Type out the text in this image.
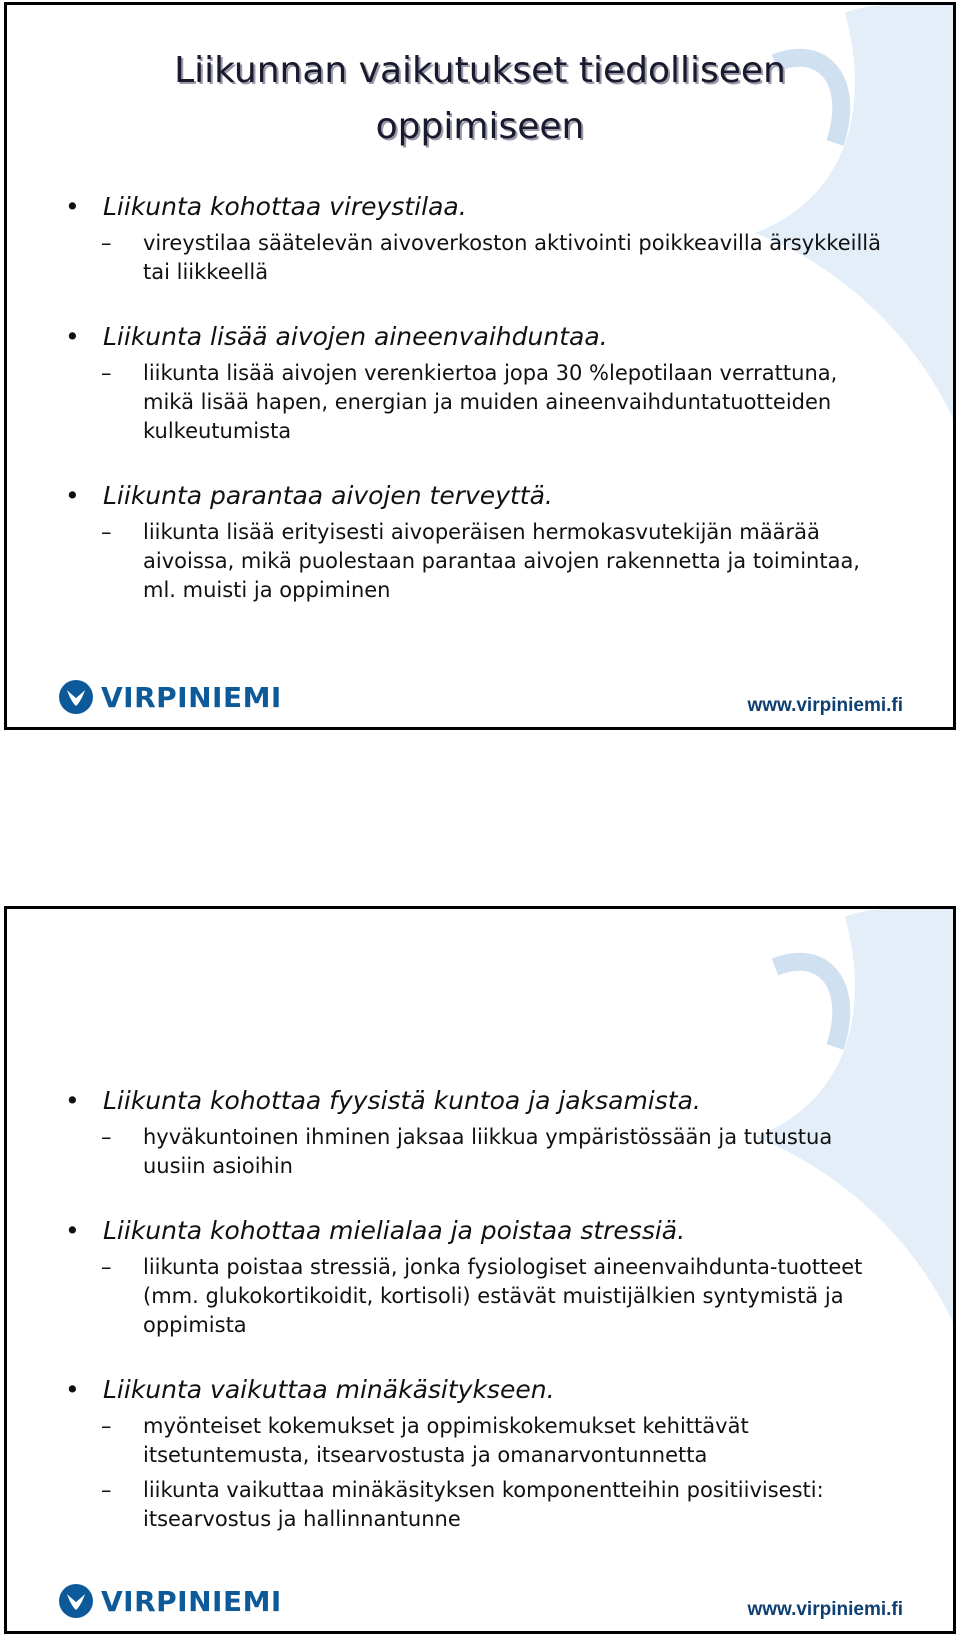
Liikunnan vaikutukset tiedolliseen
oppimiseen
• Liikunta kohottaa vireystilaa.
– vireystilaa säätelevän aivoverkoston aktivointi poikkeavilla ärsykkeillä tai liikkeellä
• Liikunta lisää aivojen aineenvaihduntaa.
– liikunta lisää aivojen verenkiertoa jopa 30 %lepotilaan verrattuna, mikä lisää hapen, energian ja muiden aineenvaihduntatuotteiden kulkeutumista
• Liikunta parantaa aivojen terveyttä.
– liikunta lisää erityisesti aivoperäisen hermokasvutekijän määrää aivoissa, mikä puolestaan parantaa aivojen rakennetta ja toimintaa, ml. muisti ja oppiminen
VIRPINIEMI	www.virpiniemi.fi
• Liikunta kohottaa fyysistä kuntoa ja jaksamista.
– hyväkuntoinen ihminen jaksaa liikkua ympäristössään ja tutustua uusiin asioihin
• Liikunta kohottaa mielialaa ja poistaa stressiä.
– liikunta poistaa stressiä, jonka fysiologiset aineenvaihdunta-tuotteet (mm. glukokortikoidit, kortisoli) estävät muistijälkien syntymistä ja oppimista
• Liikunta vaikuttaa minäkäsitykseen.
– myönteiset kokemukset ja oppimiskokemukset kehittävät itsetuntemusta, itsearvostusta ja omanarvontunnetta
– liikunta vaikuttaa minäkäsityksen komponentteihin positiivisesti: itsearvostus ja hallinnantunne
VIRPINIEMI	www.virpiniemi.fi
